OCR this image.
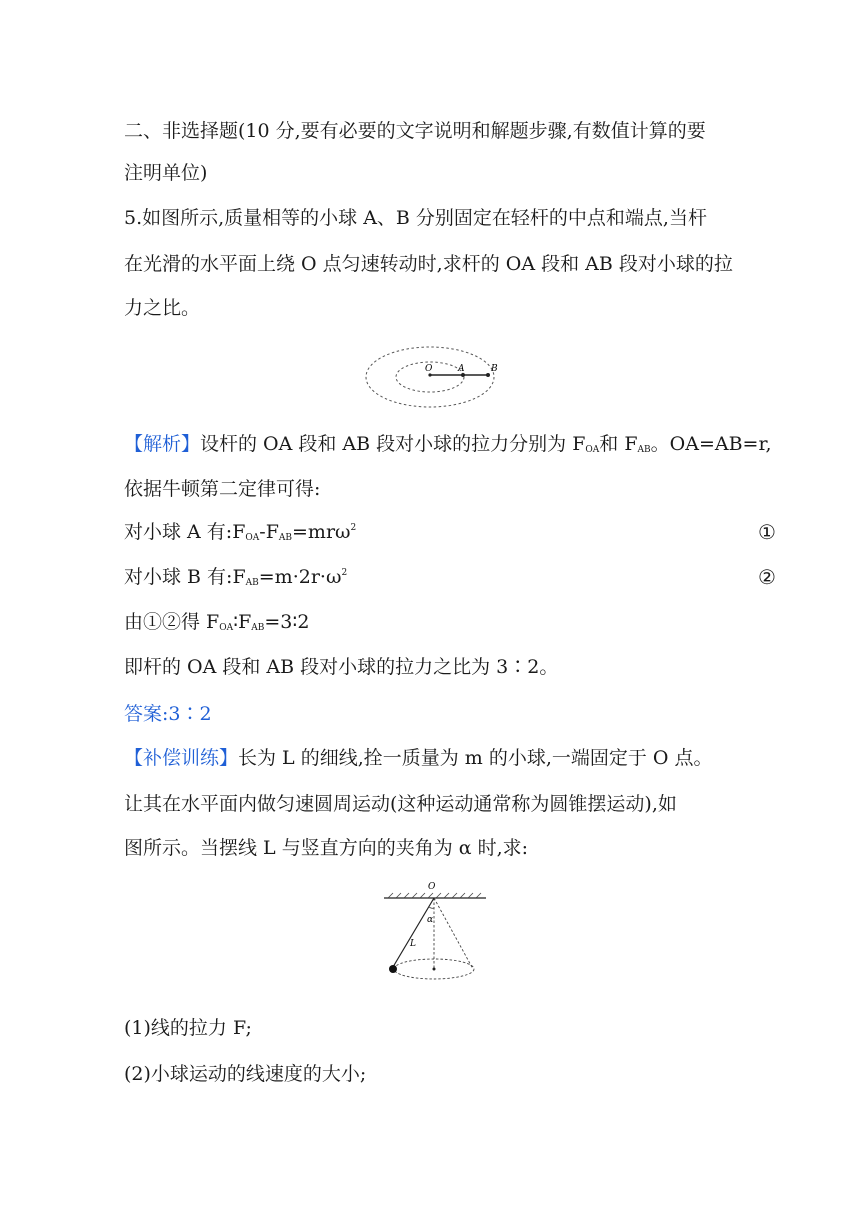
二、非选择题(10 分,要有必要的文字说明和解题步骤,有数值计算的要
注明单位)
5.如图所示,质量相等的小球 A、B 分别固定在轻杆的中点和端点,当杆
在光滑的水平面上绕 O 点匀速转动时,求杆的 OA 段和 AB 段对小球的拉
力之比。
O	A	B
【解析】设杆的 OA 段和 AB 段对小球的拉力分别为 $F_{OA}$和 $F_{AB}$。OA=AB=r,
依据牛顿第二定律可得:
对小球 A 有$:F_{OA}-F_{AB}=mr\omega^2$	①
对小球 B 有$:F_{AB}=m\cdot 2r\cdot\omega^2$	②
由①②得 $F_{OA}∶F_{AB}=3∶2$
即杆的 OA 段和 AB 段对小球的拉力之比为 3∶2。
答案:3∶2
【补偿训练】长为 L 的细线,拴一质量为 m 的小球,一端固定于 O 点。
让其在水平面内做匀速圆周运动(这种运动通常称为圆锥摆运动),如
图所示。当摆线 L 与竖直方向的夹角为 α 时,求:
O
α
L
(1)线的拉力 F;
(2)小球运动的线速度的大小;
